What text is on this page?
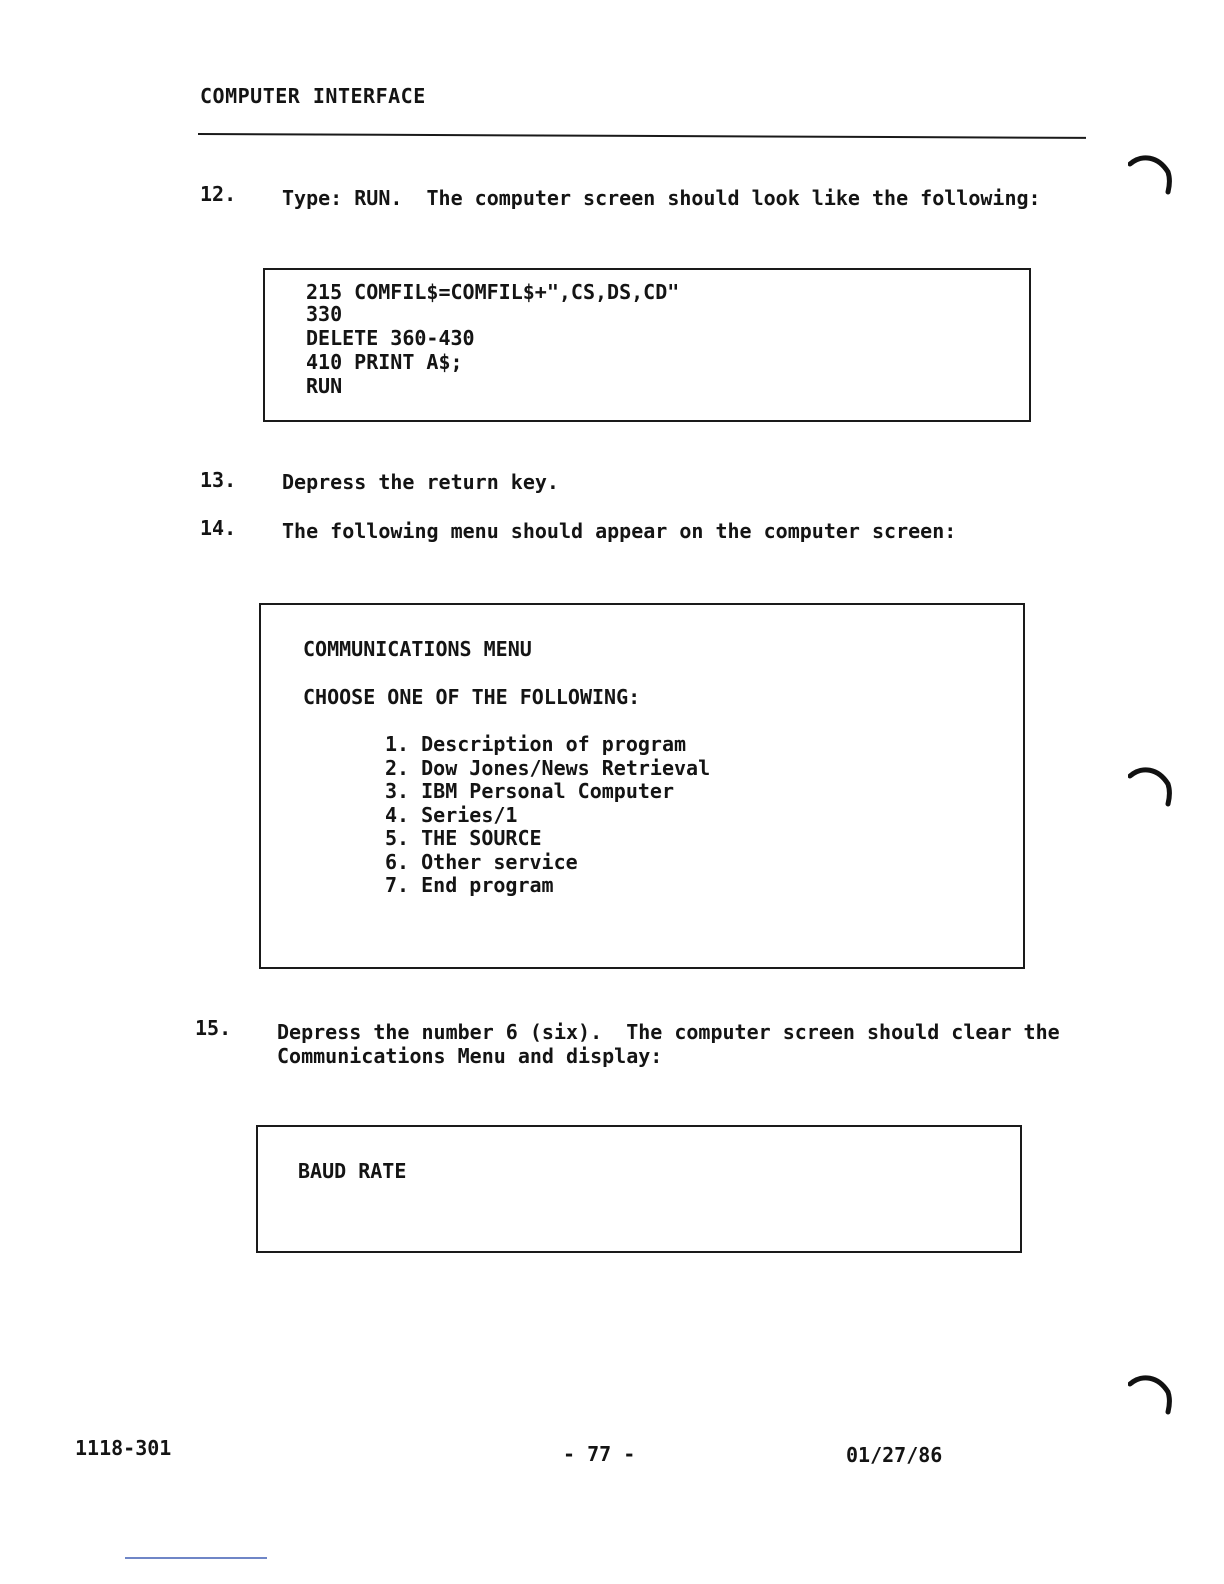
COMPUTER INTERFACE
12. Type: RUN.  The computer screen should look like the following:
215 COMFIL$=COMFIL$+",CS,DS,CD"
330
DELETE 360-430
410 PRINT A$;
RUN
13. Depress the return key.
14. The following menu should appear on the computer screen:
COMMUNICATIONS MENU
CHOOSE ONE OF THE FOLLOWING:
1. Description of program
2. Dow Jones/News Retrieval
3. IBM Personal Computer
4. Series/1
5. THE SOURCE
6. Other service
7. End program
15. Depress the number 6 (six).  The computer screen should clear the
Communications Menu and display:
BAUD RATE
1118-301	- 77 -	01/27/86
